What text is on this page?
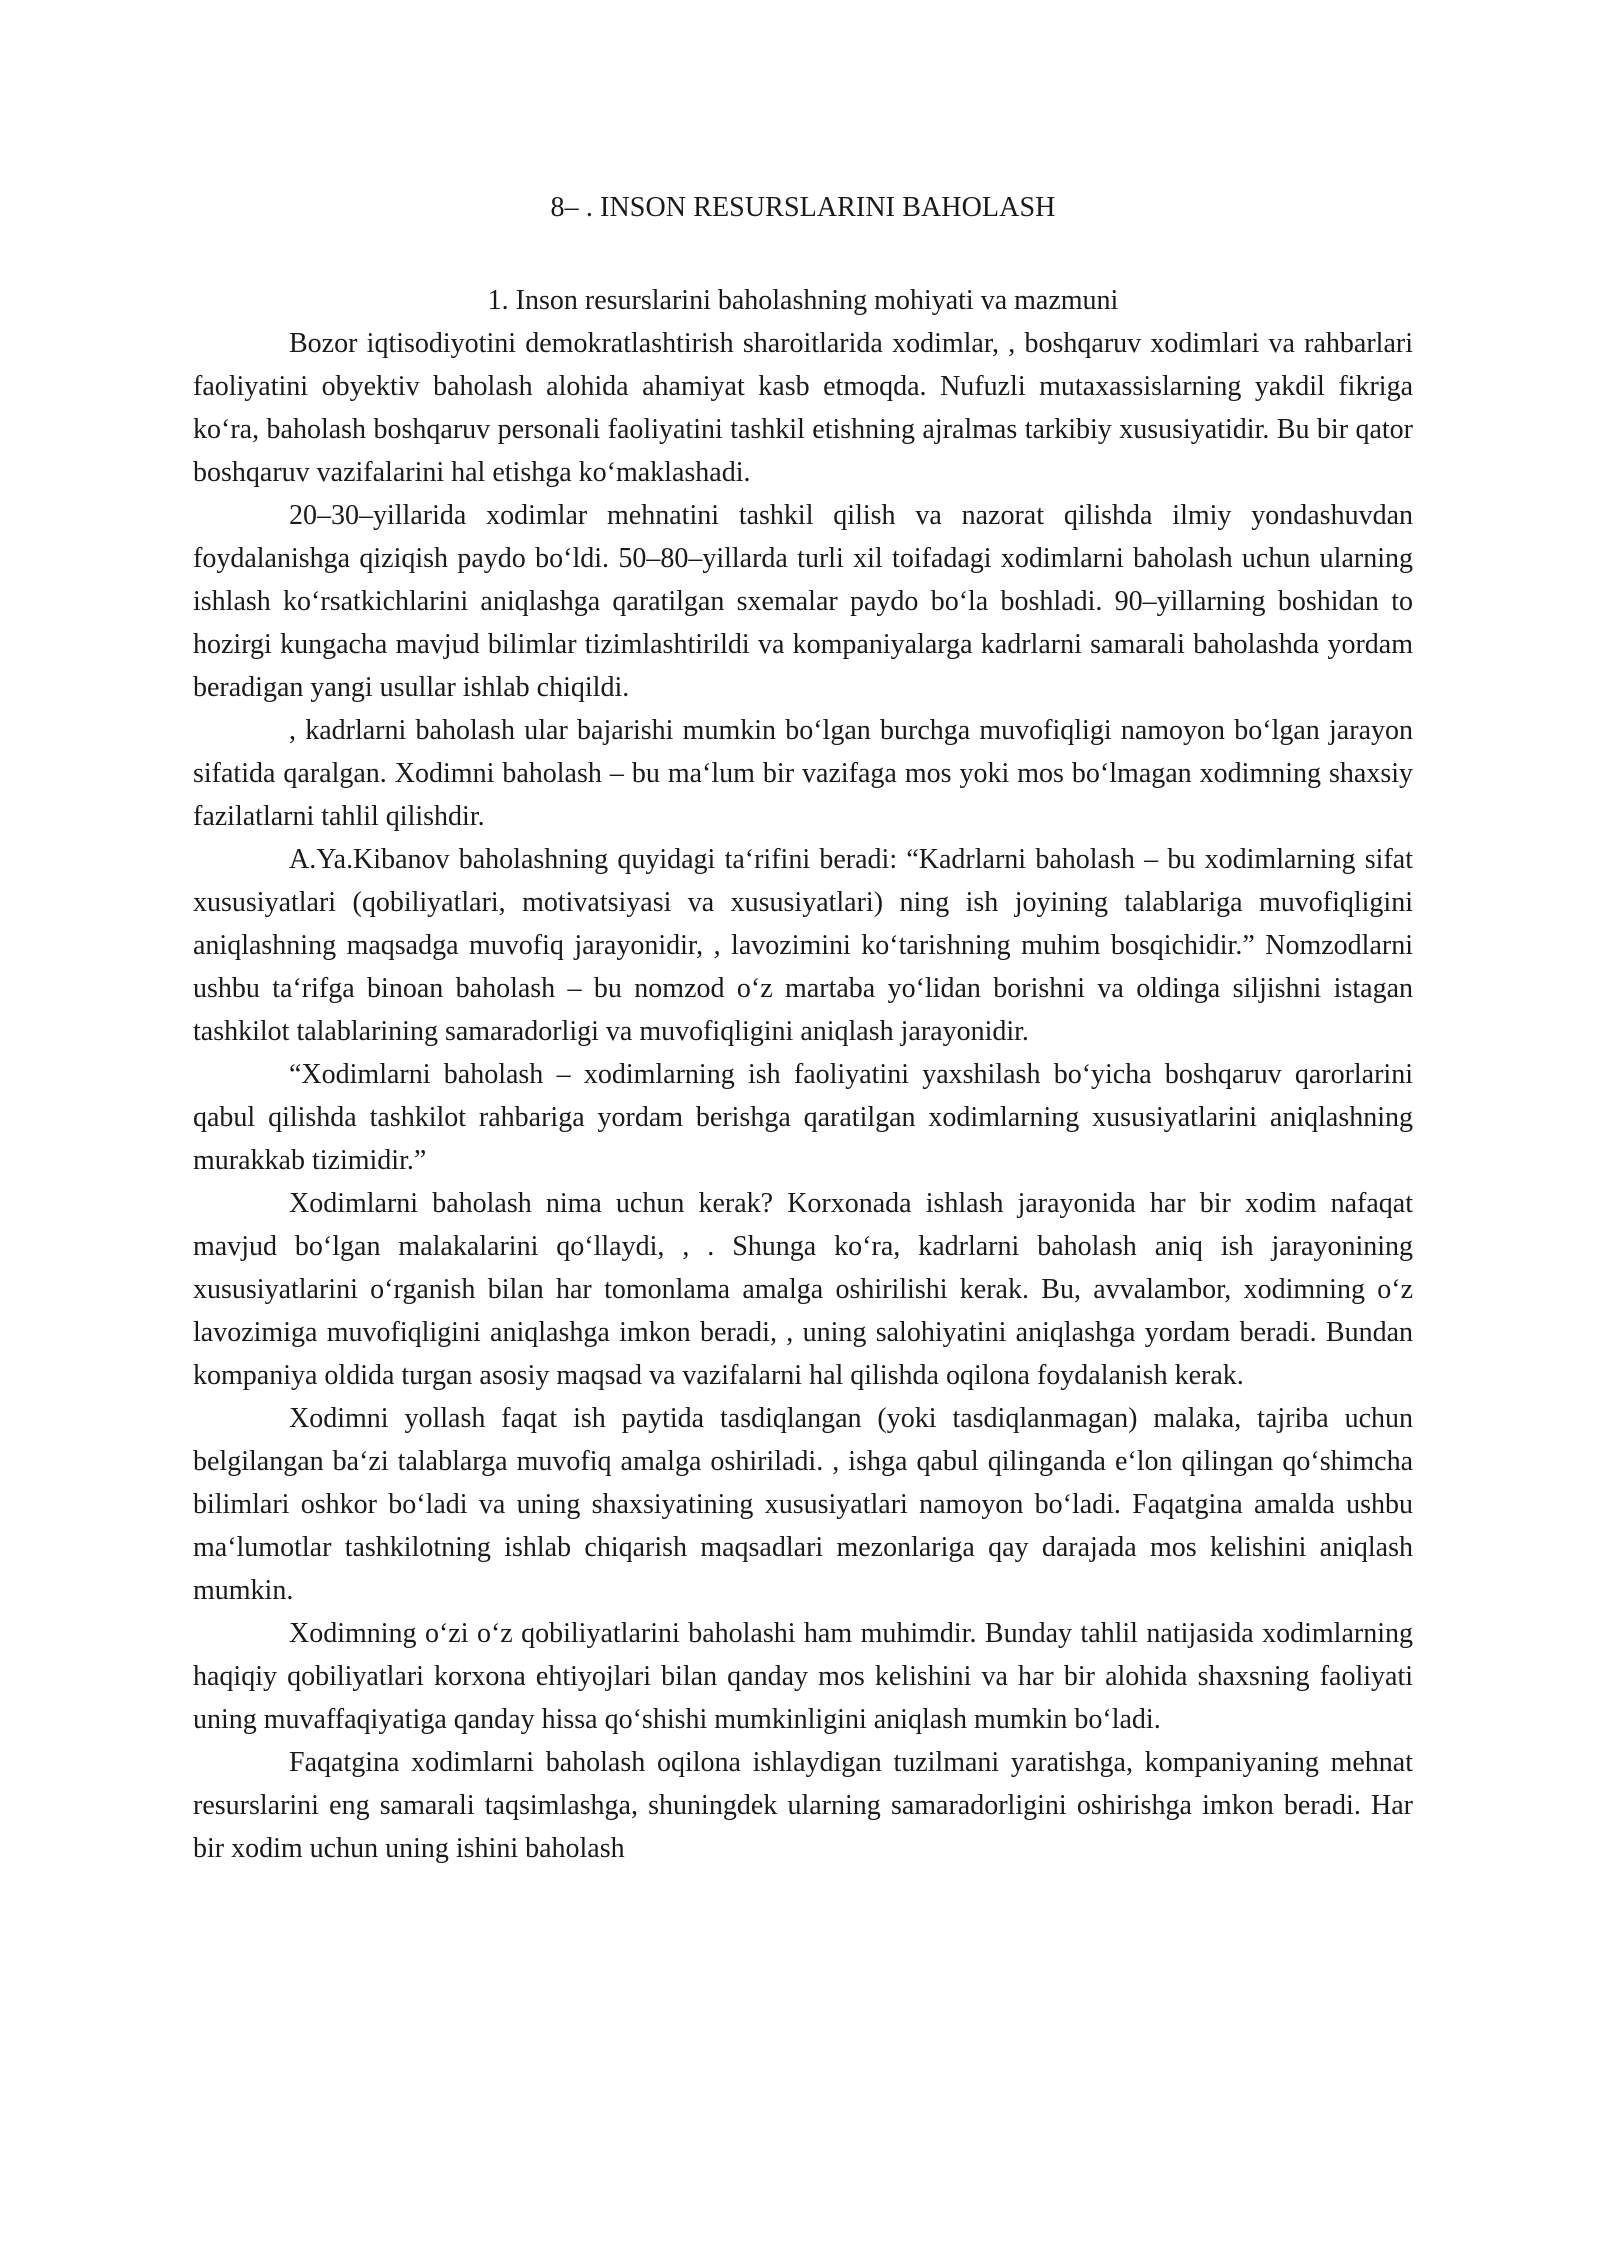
8– . INSON RESURSLARINI BAHOLASH
1. Inson resurslarini baholashning mohiyati va mazmuni

Bozor iqtisodiyotini demokratlashtirish sharoitlarida xodimlar, , boshqaruv xodimlari va rahbarlari faoliyatini obyektiv baholash alohida ahamiyat kasb etmoqda. Nufuzli mutaxassislarning yakdil fikriga ko‘ra, baholash boshqaruv personali faoliyatini tashkil etishning ajralmas tarkibiy xususiyatidir. Bu bir qator boshqaruv vazifalarini hal etishga ko‘maklashadi.

20–30–yillarida xodimlar mehnatini tashkil qilish va nazorat qilishda ilmiy yondashuvdan foydalanishga qiziqish paydo bo‘ldi. 50–80–yillarda turli xil toifadagi xodimlarni baholash uchun ularning ishlash ko‘rsatkichlarini aniqlashga qaratilgan sxemalar paydo bo‘la boshladi. 90–yillarning boshidan to hozirgi kungacha mavjud bilimlar tizimlashtirildi va kompaniyalarga kadrlarni samarali baholashda yordam beradigan yangi usullar ishlab chiqildi.

, kadrlarni baholash ular bajarishi mumkin bo‘lgan burchga muvofiqligi namoyon bo‘lgan jarayon sifatida qaralgan. Xodimni baholash – bu ma‘lum bir vazifaga mos yoki mos bo‘lmagan xodimning shaxsiy fazilatlarni tahlil qilishdir.

A.Ya.Kibanov baholashning quyidagi ta‘rifini beradi: “Kadrlarni baholash – bu xodimlarning sifat xususiyatlari (qobiliyatlari, motivatsiyasi va xususiyatlari) ning ish joyining talablariga muvofiqligini aniqlashning maqsadga muvofiq jarayonidir, , lavozimini ko‘tarishning muhim bosqichidir.” Nomzodlarni ushbu ta‘rifga binoan baholash – bu nomzod o‘z martaba yo‘lidan borishni va oldinga siljishni istagan tashkilot talablarining samaradorligi va muvofiqligini aniqlash jarayonidir.

“Xodimlarni baholash – xodimlarning ish faoliyatini yaxshilash bo‘yicha boshqaruv qarorlarini qabul qilishda tashkilot rahbariga yordam berishga qaratilgan xodimlarning xususiyatlarini aniqlashning murakkab tizimidir.”

Xodimlarni baholash nima uchun kerak? Korxonada ishlash jarayonida har bir xodim nafaqat mavjud bo‘lgan malakalarini qo‘llaydi, , . Shunga ko‘ra, kadrlarni baholash aniq ish jarayonining xususiyatlarini o‘rganish bilan har tomonlama amalga oshirilishi kerak. Bu, avvalambor, xodimning o‘z lavozimiga muvofiqligini aniqlashga imkon beradi, , uning salohiyatini aniqlashga yordam beradi. Bundan kompaniya oldida turgan asosiy maqsad va vazifalarni hal qilishda oqilona foydalanish kerak.

Xodimni yollash faqat ish paytida tasdiqlangan (yoki tasdiqlanmagan) malaka, tajriba uchun belgilangan ba‘zi talablarga muvofiq amalga oshiriladi. , ishga qabul qilinganda e‘lon qilingan qo‘shimcha bilimlari oshkor bo‘ladi va uning shaxsiyatining xususiyatlari namoyon bo‘ladi. Faqatgina amalda ushbu ma‘lumotlar tashkilotning ishlab chiqarish maqsadlari mezonlariga qay darajada mos kelishini aniqlash mumkin.

Xodimning o‘zi o‘z qobiliyatlarini baholashi ham muhimdir. Bunday tahlil natijasida xodimlarning haqiqiy qobiliyatlari korxona ehtiyojlari bilan qanday mos kelishini va har bir alohida shaxsning faoliyati uning muvaffaqiyatiga qanday hissa qo‘shishi mumkinligini aniqlash mumkin bo‘ladi.

Faqatgina xodimlarni baholash oqilona ishlaydigan tuzilmani yaratishga, kompaniyaning mehnat resurslarini eng samarali taqsimlashga, shuningdek ularning samaradorligini oshirishga imkon beradi. Har bir xodim uchun uning ishini baholash
